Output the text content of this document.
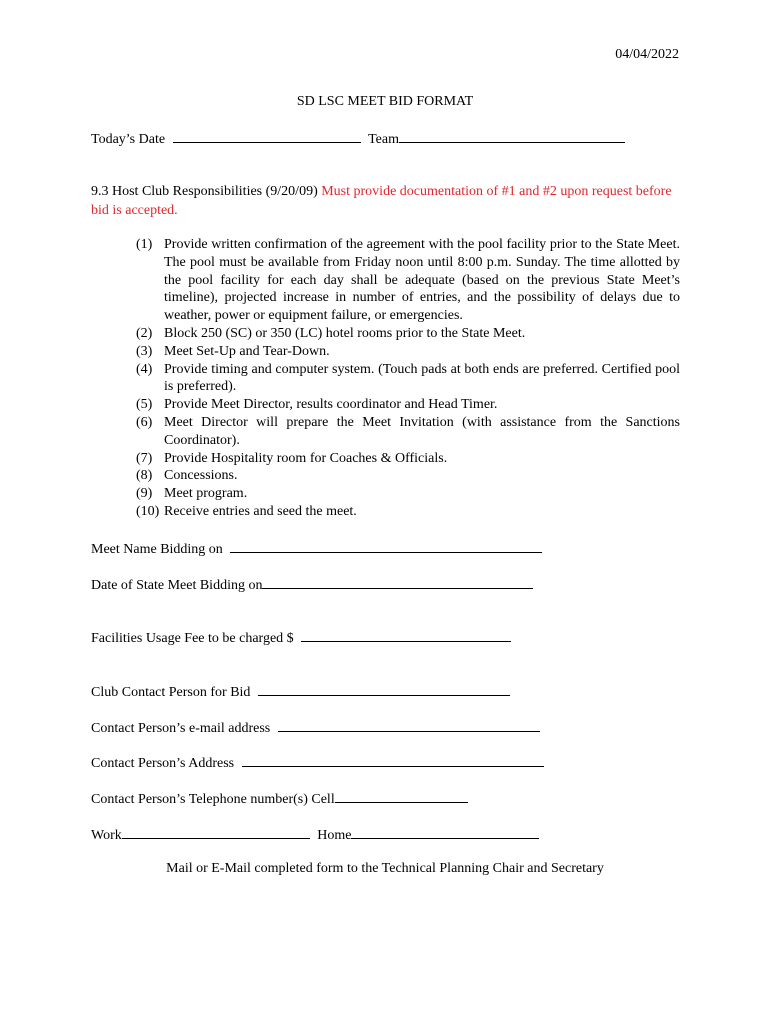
04/04/2022
SD LSC MEET BID FORMAT
Today’s Date	Team
9.3 Host Club Responsibilities (9/20/09) Must provide documentation of #1 and #2 upon request before bid is accepted.
(1) Provide written confirmation of the agreement with the pool facility prior to the State Meet. The pool must be available from Friday noon until 8:00 p.m. Sunday. The time allotted by the pool facility for each day shall be adequate (based on the previous State Meet’s timeline), projected increase in number of entries, and the possibility of delays due to weather, power or equipment failure, or emergencies.
(2) Block 250 (SC) or 350 (LC) hotel rooms prior to the State Meet.
(3) Meet Set-Up and Tear-Down.
(4) Provide timing and computer system. (Touch pads at both ends are preferred. Certified pool is preferred).
(5) Provide Meet Director, results coordinator and Head Timer.
(6) Meet Director will prepare the Meet Invitation (with assistance from the Sanctions Coordinator).
(7) Provide Hospitality room for Coaches & Officials.
(8) Concessions.
(9) Meet program.
(10) Receive entries and seed the meet.
Meet Name Bidding on
Date of State Meet Bidding on
Facilities Usage Fee to be charged $
Club Contact Person for Bid
Contact Person’s e-mail address
Contact Person’s Address
Contact Person’s Telephone number(s) Cell
Work	Home
Mail or E-Mail completed form to the Technical Planning Chair and Secretary
